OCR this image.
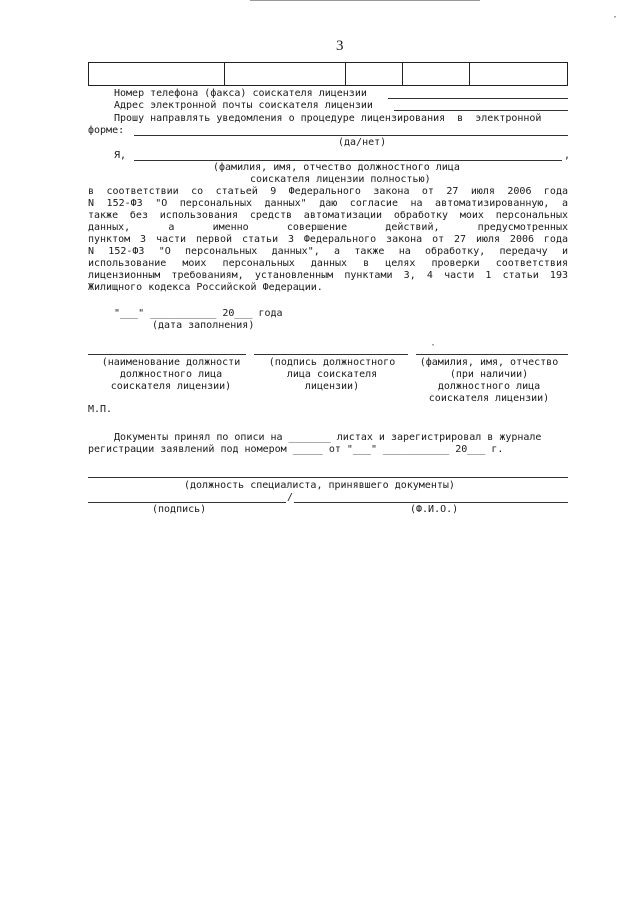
3
Номер телефона (факса) соискателя лицензии
Адрес электронной почты соискателя лицензии
Прошу направлять уведомления о процедуре лицензирования  в  электронной
форме:
(да/нет)
Я,	,
(фамилия, имя, отчество должностного лица
соискателя лицензии полностью)
в соответствии со статьей 9 Федерального закона от 27 июля 2006 года
N 152-ФЗ "О персональных данных" даю согласие на автоматизированную, а
также без использования средств автоматизации обработку моих персональных
данных, а именно совершение действий, предусмотренных
пунктом 3 части первой статьи 3 Федерального закона от 27 июля 2006 года
N 152-ФЗ "О персональных данных", а также на обработку, передачу и
использование моих персональных данных в целях проверки соответствия
лицензионным требованиям, установленным пунктами 3, 4 части 1 статьи 193
Жилищного кодекса Российской Федерации.
"___" ___________ 20___ года
(дата заполнения)
(наименование должности
должностного лица
соискателя лицензии)
(подпись должностного
лица соискателя
лицензии)
(фамилия, имя, отчество
(при наличии)
должностного лица
соискателя лицензии)
М.П.
Документы принял по описи на _______ листах и зарегистрировал в журнале
регистрации заявлений под номером _____ от "___" ___________ 20___ г.
(должность специалиста, принявшего документы)
/
(подпись)	(Ф.И.О.)
·
·
